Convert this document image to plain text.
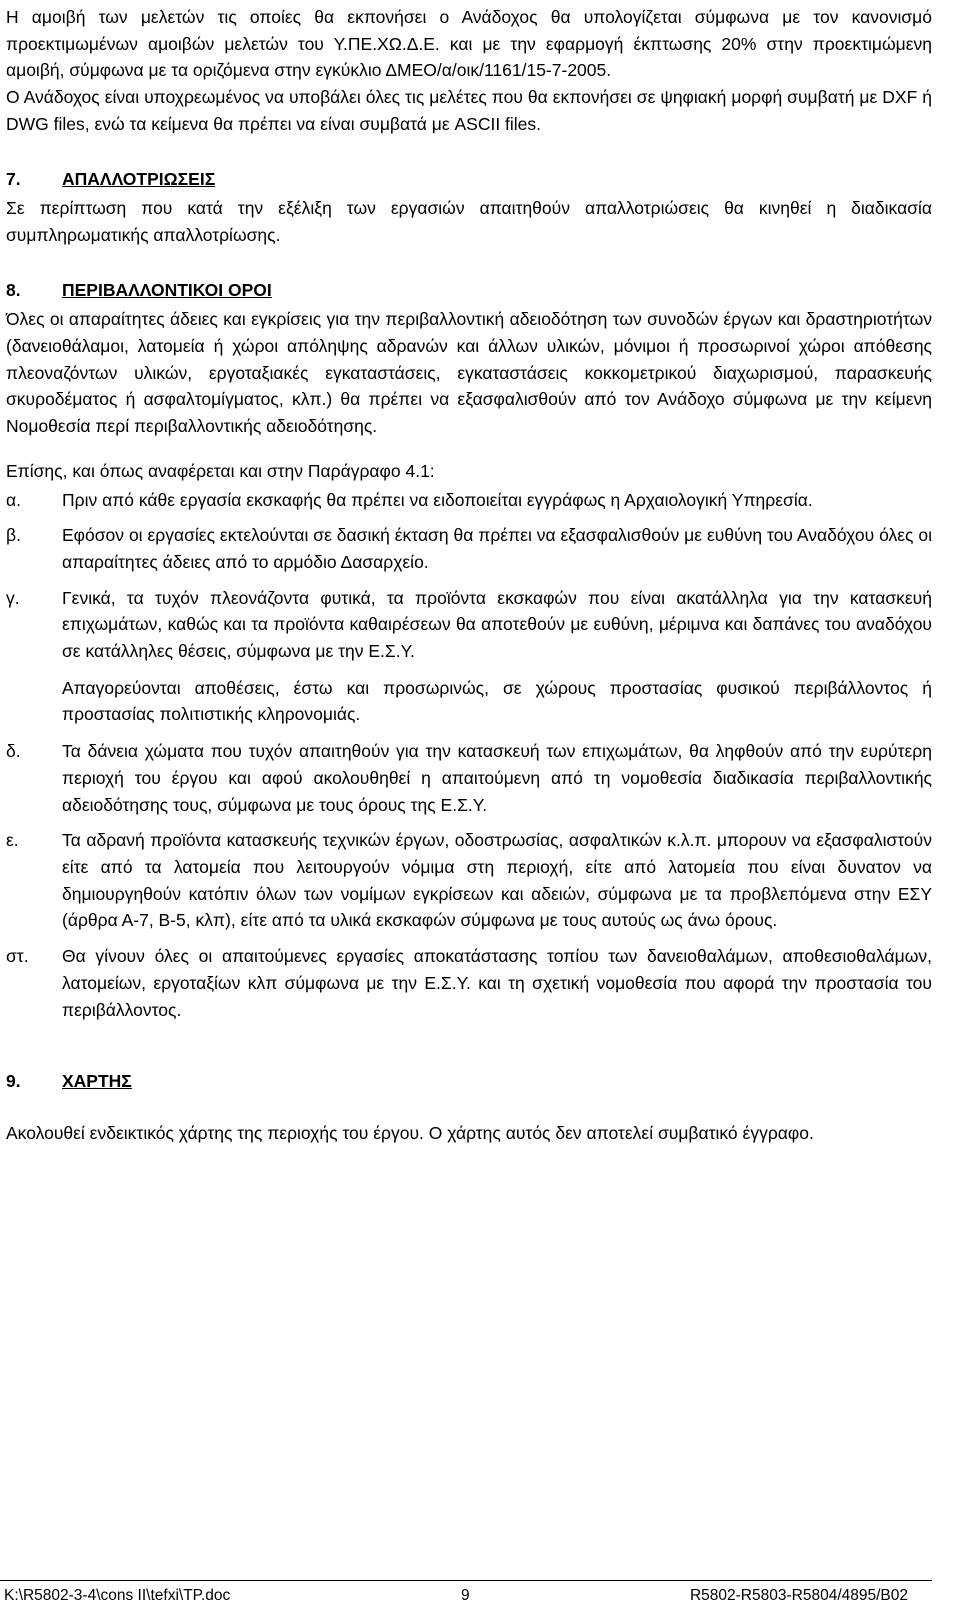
Η αμοιβή των μελετών τις οποίες θα εκπονήσει ο Ανάδοχος θα υπολογίζεται σύμφωνα με τον κανονισμό προεκτιμωμένων αμοιβών μελετών του Υ.ΠΕ.ΧΩ.Δ.Ε. και με την εφαρμογή έκπτωσης 20% στην προεκτιμώμενη αμοιβή, σύμφωνα με τα οριζόμενα στην εγκύκλιο ΔΜΕΟ/α/οικ/1161/15-7-2005.

Ο Ανάδοχος είναι υποχρεωμένος να υποβάλει όλες τις μελέτες που θα εκπονήσει σε ψηφιακή μορφή συμβατή με DXF ή DWG files, ενώ τα κείμενα θα πρέπει να είναι συμβατά με ASCII files.

7.	ΑΠΑΛΛΟΤΡΙΩΣΕΙΣ

Σε περίπτωση που κατά την εξέλιξη των εργασιών απαιτηθούν απαλλοτριώσεις θα κινηθεί η διαδικασία συμπληρωματικής απαλλοτρίωσης.

8.	ΠΕΡΙΒΑΛΛΟΝΤΙΚΟΙ ΟΡΟΙ

Όλες οι απαραίτητες άδειες και εγκρίσεις για την περιβαλλοντική αδειοδότηση των συνοδών έργων και δραστηριοτήτων (δανειοθάλαμοι, λατομεία ή χώροι απόληψης αδρανών και άλλων υλικών, μόνιμοι ή προσωρινοί χώροι απόθεσης πλεοναζόντων υλικών, εργοταξιακές εγκαταστάσεις, εγκαταστάσεις κοκκομετρικού διαχωρισμού, παρασκευής σκυροδέματος ή ασφαλτομίγματος, κλπ.) θα πρέπει να εξασφαλισθούν από τον Ανάδοχο σύμφωνα με την κείμενη Νομοθεσία περί περιβαλλοντικής αδειοδότησης.

Επίσης, και όπως αναφέρεται και στην Παράγραφο 4.1:

α.	Πριν από κάθε εργασία εκσκαφής θα πρέπει να ειδοποιείται εγγράφως η Αρχαιολογική Υπηρεσία.

β.	Εφόσον οι εργασίες εκτελούνται σε δασική έκταση θα πρέπει να εξασφαλισθούν με ευθύνη του Αναδόχου όλες οι απαραίτητες άδειες από το αρμόδιο Δασαρχείο.

γ.	Γενικά, τα τυχόν πλεονάζοντα φυτικά, τα προϊόντα εκσκαφών που είναι ακατάλληλα για την κατασκευή επιχωμάτων, καθώς και τα προϊόντα καθαιρέσεων θα αποτεθούν με ευθύνη, μέριμνα και δαπάνες του αναδόχου σε κατάλληλες θέσεις, σύμφωνα με την Ε.Σ.Υ.

Απαγορεύονται αποθέσεις, έστω και προσωρινώς, σε χώρους προστασίας φυσικού περιβάλλοντος ή προστασίας πολιτιστικής κληρονομιάς.

δ.	Τα δάνεια χώματα που τυχόν απαιτηθούν για την κατασκευή των επιχωμάτων, θα ληφθούν από την ευρύτερη περιοχή του έργου και αφού ακολουθηθεί η απαιτούμενη από τη νομοθεσία διαδικασία περιβαλλοντικής αδειοδότησης τους, σύμφωνα με τους όρους της Ε.Σ.Υ.

ε.	Τα αδρανή προϊόντα κατασκευής τεχνικών έργων, οδοστρωσίας, ασφαλτικών κ.λ.π. μπορουν να εξασφαλιστούν είτε από τα λατομεία που λειτουργούν νόμιμα στη περιοχή, είτε από λατομεία που είναι δυνατον να δημιουργηθούν κατόπιν όλων των νομίμων εγκρίσεων και αδειών, σύμφωνα με τα προβλεπόμενα στην ΕΣΥ (άρθρα Α-7, Β-5, κλπ), είτε από τα υλικά εκσκαφών σύμφωνα με τους αυτούς ως άνω όρους.

στ.	Θα γίνουν όλες οι απαιτούμενες εργασίες αποκατάστασης τοπίου των δανειοθαλάμων, αποθεσιοθαλάμων, λατομείων, εργοταξίων κλπ σύμφωνα με την Ε.Σ.Υ. και τη σχετική νομοθεσία που αφορά την προστασία του περιβάλλοντος.

9.	ΧΑΡΤΗΣ

Ακολουθεί ενδεικτικός χάρτης της περιοχής του έργου. Ο χάρτης αυτός δεν αποτελεί συμβατικό έγγραφο.

K:\R5802-3-4\cons II\tefxi\TP.doc	9	R5802-R5803-R5804/4895/B02
